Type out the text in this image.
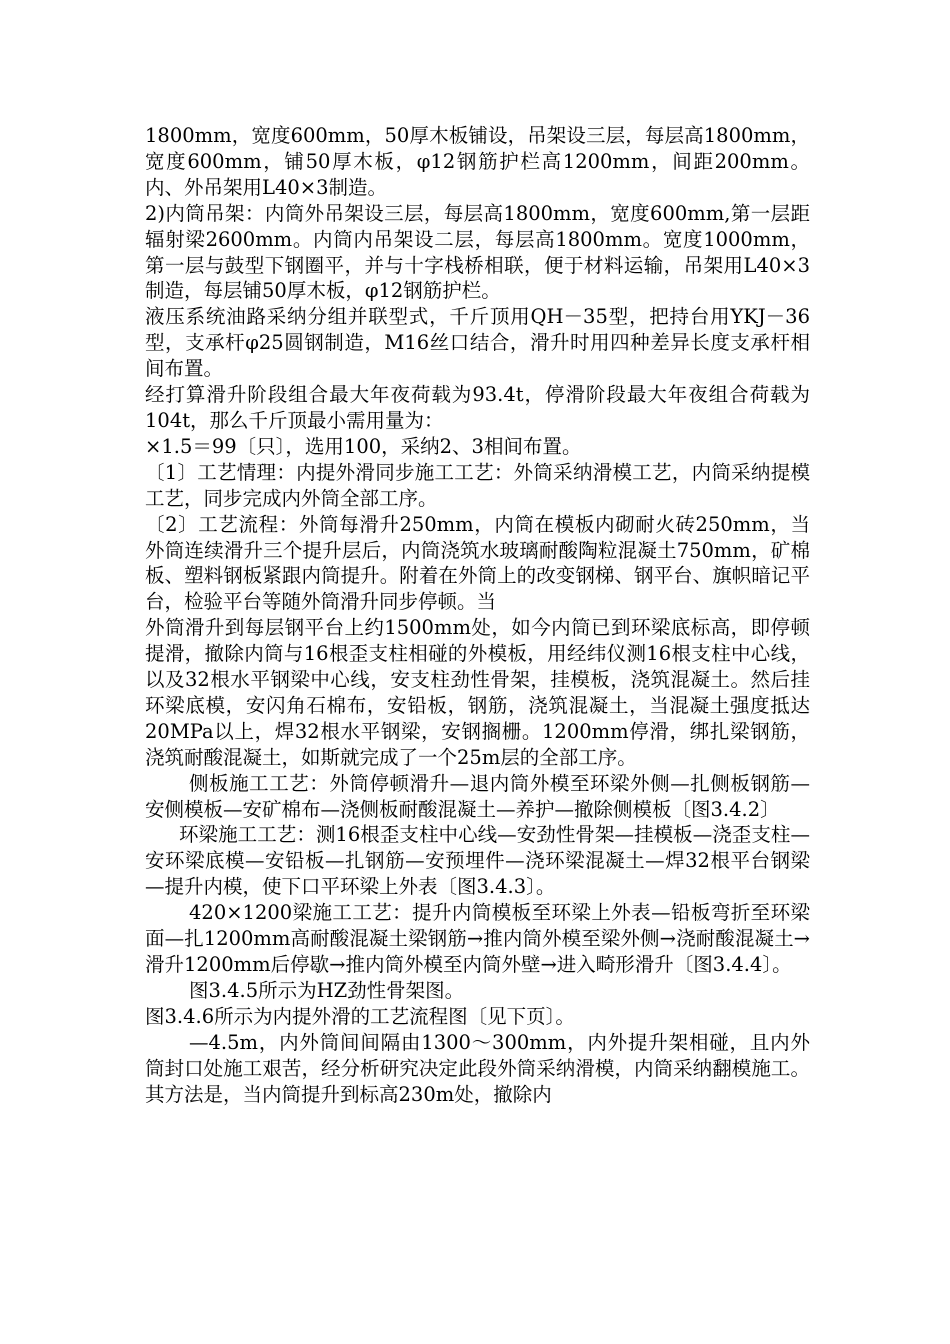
1800mm，宽度600mm，50厚木板铺设，吊架设三层，每层高1800mm，宽度600mm，铺50厚木板，φ12钢筋护栏高1200mm，间距200mm。内、外吊架用L40×3制造。

2)内筒吊架：内筒外吊架设三层，每层高1800mm，宽度600mm,第一层距辐射梁2600mm。内筒内吊架设二层，每层高1800mm。宽度1000mm，第一层与鼓型下钢圈平，并与十字栈桥相联，便于材料运输，吊架用L40×3制造，每层铺50厚木板，φ12钢筋护栏。

液压系统油路采纳分组并联型式，千斤顶用QH－35型，把持台用YKJ－36型，支承杆φ25圆钢制造，M16丝口结合，滑升时用四种差异长度支承杆相间布置。

经打算滑升阶段组合最大年夜荷载为93.4t，停滑阶段最大年夜组合荷载为104t，那么千斤顶最小需用量为：

×1.5＝99〔只〕，选用100，采纳2、3相间布置。

〔1〕工艺情理：内提外滑同步施工工艺：外筒采纳滑模工艺，内筒采纳提模工艺，同步完成内外筒全部工序。

〔2〕工艺流程：外筒每滑升250mm，内筒在模板内砌耐火砖250mm，当外筒连续滑升三个提升层后，内筒浇筑水玻璃耐酸陶粒混凝土750mm，矿棉板、塑料钢板紧跟内筒提升。附着在外筒上的改变钢梯、钢平台、旗帜暗记平台，检验平台等随外筒滑升同步停顿。当

外筒滑升到每层钢平台上约1500mm处，如今内筒已到环梁底标高，即停顿提滑，撤除内筒与16根歪支柱相碰的外模板，用经纬仪测16根支柱中心线，以及32根水平钢梁中心线，安支柱劲性骨架，挂模板，浇筑混凝土。然后挂环梁底模，安闪角石棉布，安铅板，钢筋，浇筑混凝土，当混凝土强度抵达20MPa以上，焊32根水平钢梁，安钢搁栅。1200mm停滑，绑扎梁钢筋，浇筑耐酸混凝土，如斯就完成了一个25m层的全部工序。

侧板施工工艺：外筒停顿滑升—退内筒外模至环梁外侧—扎侧板钢筋—安侧模板—安矿棉布—浇侧板耐酸混凝土—养护—撤除侧模板〔图3.4.2〕

环梁施工工艺：测16根歪支柱中心线—安劲性骨架—挂模板—浇歪支柱—安环梁底模—安铅板—扎钢筋—安预埋件—浇环梁混凝土—焊32根平台钢梁—提升内模，使下口平环梁上外表〔图3.4.3〕。

420×1200梁施工工艺：提升内筒模板至环梁上外表—铅板弯折至环梁面—扎1200mm高耐酸混凝土梁钢筋→推内筒外模至梁外侧→浇耐酸混凝土→滑升1200mm后停歇→推内筒外模至内筒外壁→进入畸形滑升〔图3.4.4〕。

图3.4.5所示为HZ劲性骨架图。

图3.4.6所示为内提外滑的工艺流程图〔见下页〕。

—4.5m，内外筒间间隔由1300～300mm，内外提升架相碰，且内外筒封口处施工艰苦，经分析研究决定此段外筒采纳滑模，内筒采纳翻模施工。其方法是，当内筒提升到标高230m处，撤除内
